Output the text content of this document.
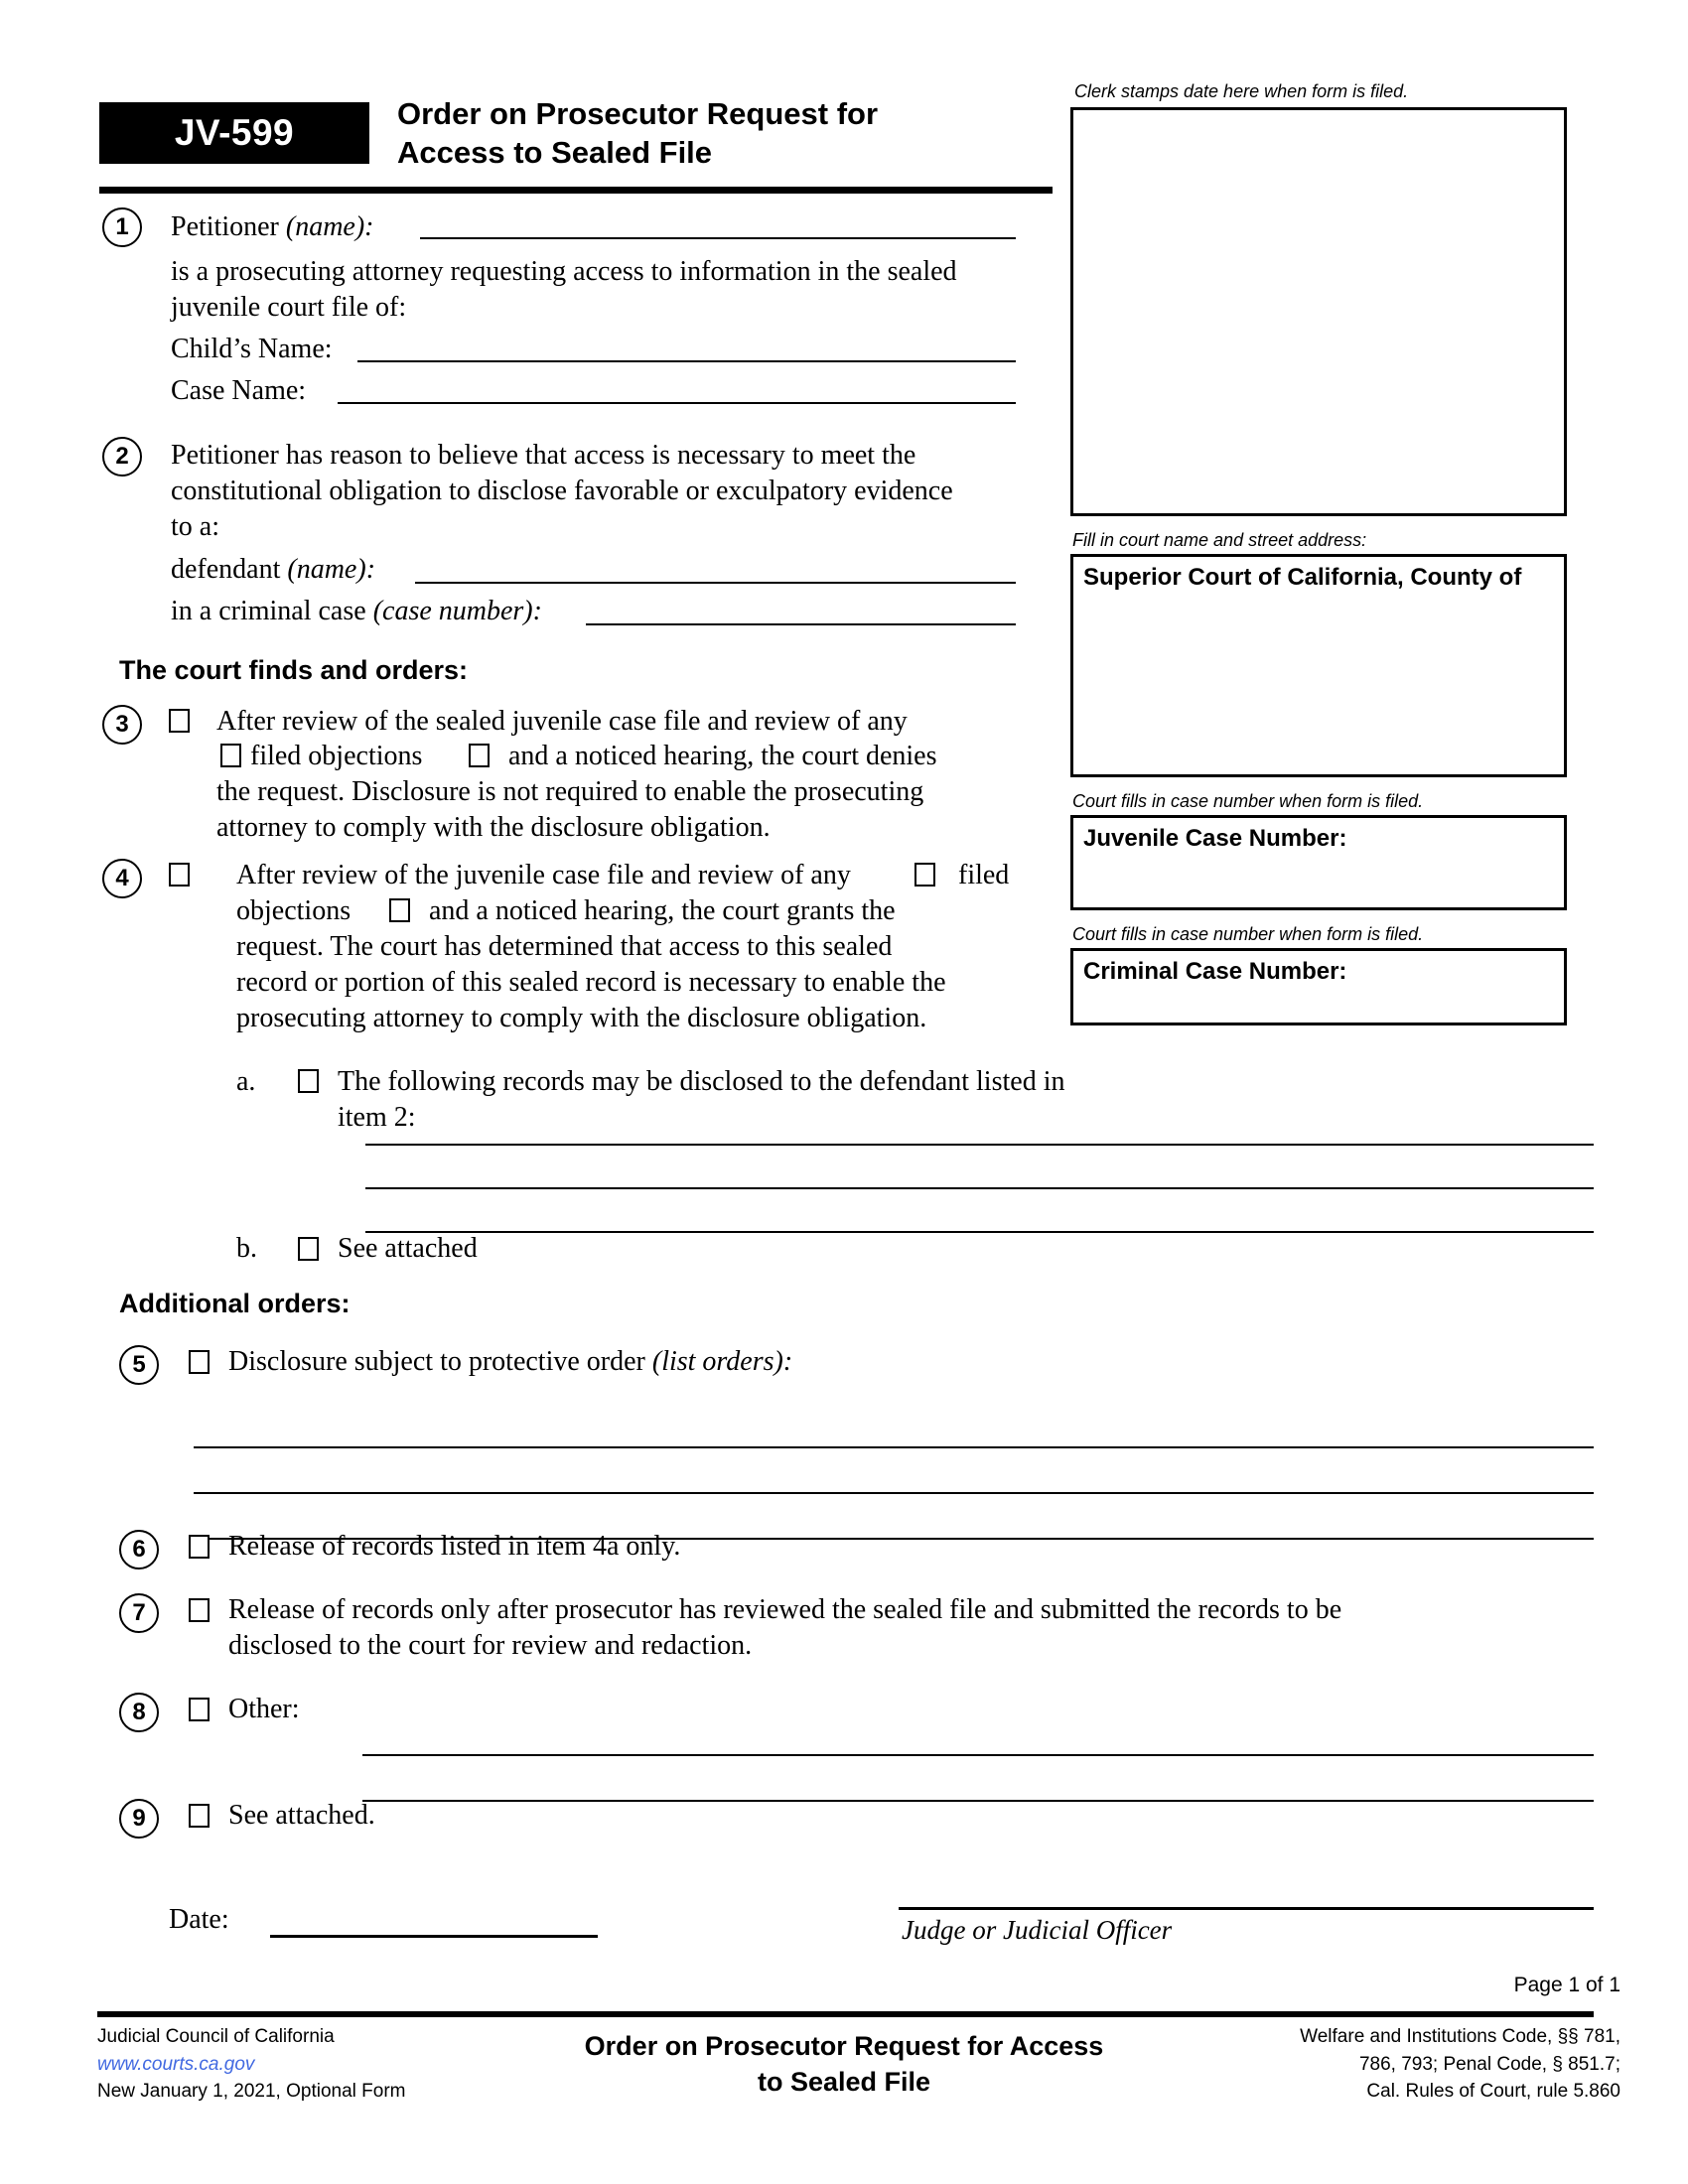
JV-599	Order on Prosecutor Request for
Access to Sealed File
Clerk stamps date here when form is filed.
Fill in court name and street address:
Superior Court of California, County of
Court fills in case number when form is filed.
Juvenile Case Number:
Court fills in case number when form is filed.
Criminal Case Number:
1 Petitioner (name):
is a prosecuting attorney requesting access to information in the sealed
juvenile court file of:
Child’s Name:
Case Name:
2 Petitioner has reason to believe that access is necessary to meet the
constitutional obligation to disclose favorable or exculpatory evidence
to a:
defendant (name):
in a criminal case (case number):
The court finds and orders:
3	After review of the sealed juvenile case file and review of any
filed objections	and a noticed hearing, the court denies
the request. Disclosure is not required to enable the prosecuting
attorney to comply with the disclosure obligation.
4	After review of the juvenile case file and review of any	filed
objections	and a noticed hearing, the court grants the
request. The court has determined that access to this sealed
record or portion of this sealed record is necessary to enable the
prosecuting attorney to comply with the disclosure obligation.
a.	The following records may be disclosed to the defendant listed in item 2:
b.	See attached
Additional orders:
5	Disclosure subject to protective order (list orders):
6	Release of records listed in item 4a only.
7	Release of records only after prosecutor has reviewed the sealed file and submitted the records to be
disclosed to the court for review and redaction.
8	Other:
9	See attached.
Date:	Judge or Judicial Officer
Page 1 of 1
Judicial Council of California
www.courts.ca.gov
New January 1, 2021, Optional Form
Order on Prosecutor Request for Access
to Sealed File
Welfare and Institutions Code, §§ 781,
786, 793; Penal Code, § 851.7;
Cal. Rules of Court, rule 5.860
